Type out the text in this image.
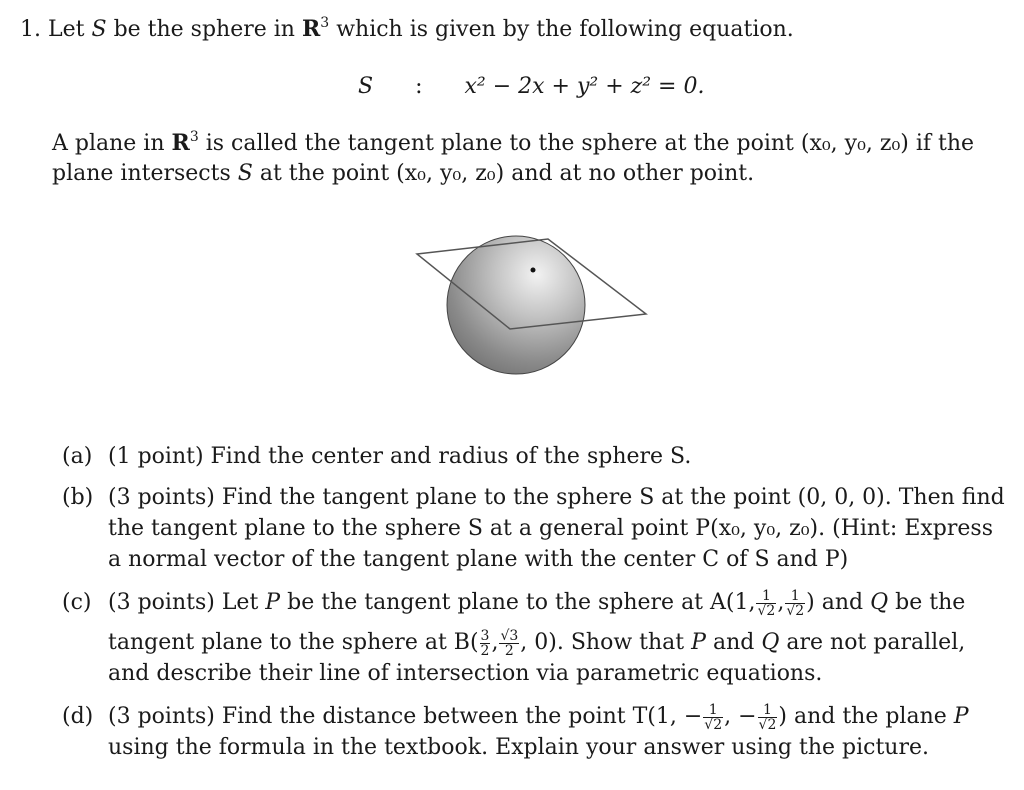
1. Let S be the sphere in $R^3$ which is given by the following equation.
S : x² − 2x + y² + z² = 0.
A plane in $R^3$ is called the tangent plane to the sphere at the point (x₀, y₀, z₀) if the
plane intersects S at the point (x₀, y₀, z₀) and at no other point.
(a) (1 point) Find the center and radius of the sphere S.
(b) (3 points) Find the tangent plane to the sphere S at the point (0, 0, 0). Then find
the tangent plane to the sphere S at a general point P(x₀, y₀, z₀). (Hint: Express
a normal vector of the tangent plane with the center C of S and P)
(c) (3 points) Let P be the tangent plane to the sphere at A(1, $\frac{1}{√2}$ , $\frac{1}{√2}$ ) and Q be the
tangent plane to the sphere at $B( \frac{3}{2}$ , $\frac{√3}{2}$ , 0). Show that P and Q are not parallel,
and describe their line of intersection via parametric equations.
(d) (3 points) Find the distance between the point T(1, − $\frac{1}{√2}$ , − $\frac{1}{√2}$ ) and the plane P
using the formula in the textbook. Explain your answer using the picture.
